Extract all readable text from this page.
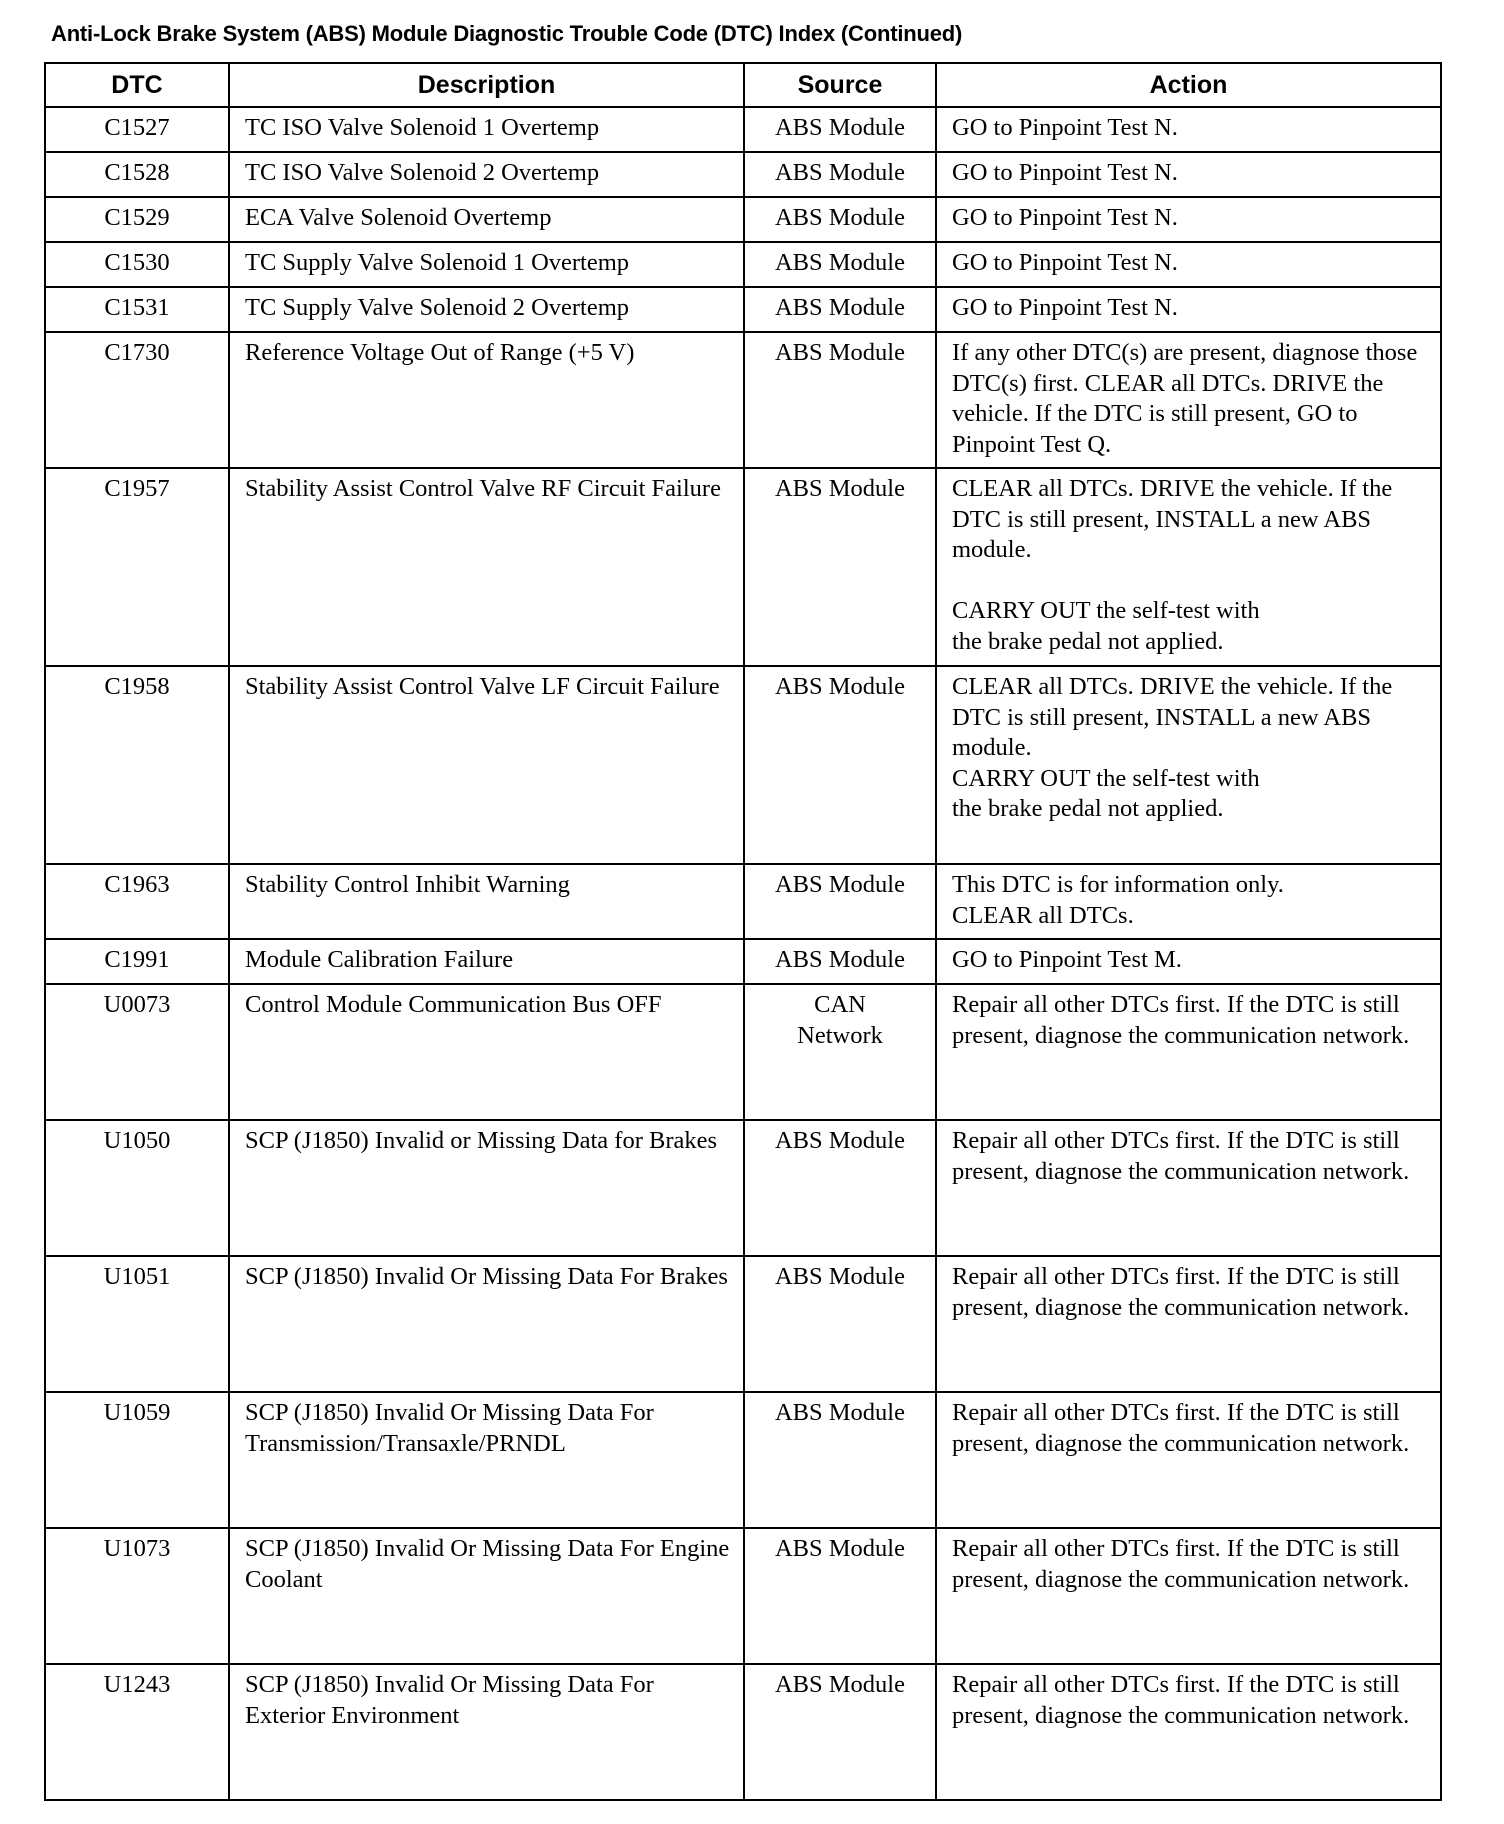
Anti-Lock Brake System (ABS) Module Diagnostic Trouble Code (DTC) Index (Continued)
DTC	Description	Source	Action

C1527	TC ISO Valve Solenoid 1 Overtemp	ABS Module	GO to Pinpoint Test N.

C1528	TC ISO Valve Solenoid 2 Overtemp	ABS Module	GO to Pinpoint Test N.

C1529	ECA Valve Solenoid Overtemp	ABS Module	GO to Pinpoint Test N.

C1530	TC Supply Valve Solenoid 1 Overtemp	ABS Module	GO to Pinpoint Test N.

C1531	TC Supply Valve Solenoid 2 Overtemp	ABS Module	GO to Pinpoint Test N.

C1730	Reference Voltage Out of Range (+5 V)	ABS Module	If any other DTC(s) are present, diagnose those DTC(s) first. CLEAR all DTCs. DRIVE the vehicle. If the DTC is still present, GO to Pinpoint Test Q.

C1957	Stability Assist Control Valve RF Circuit Failure	ABS Module	CLEAR all DTCs. DRIVE the vehicle. If the DTC is still present, INSTALL a new ABS module.

CARRY OUT the self-test with
the brake pedal not applied.

C1958	Stability Assist Control Valve LF Circuit Failure	ABS Module	CLEAR all DTCs. DRIVE the vehicle. If the DTC is still present, INSTALL a new ABS module.
CARRY OUT the self-test with
the brake pedal not applied.

C1963	Stability Control Inhibit Warning	ABS Module	This DTC is for information only.
CLEAR all DTCs.

C1991	Module Calibration Failure	ABS Module	GO to Pinpoint Test M.

U0073	Control Module Communication Bus OFF	CAN Network	Repair all other DTCs first. If the DTC is still present, diagnose the communication network.

U1050	SCP (J1850) Invalid or Missing Data for Brakes	ABS Module	Repair all other DTCs first. If the DTC is still present, diagnose the communication network.

U1051	SCP (J1850) Invalid Or Missing Data For Brakes	ABS Module	Repair all other DTCs first. If the DTC is still present, diagnose the communication network.

U1059	SCP (J1850) Invalid Or Missing Data For Transmission/Transaxle/PRNDL	ABS Module	Repair all other DTCs first. If the DTC is still present, diagnose the communication network.

U1073	SCP (J1850) Invalid Or Missing Data For Engine Coolant	ABS Module	Repair all other DTCs first. If the DTC is still present, diagnose the communication network.

U1243	SCP (J1850) Invalid Or Missing Data For Exterior Environment	ABS Module	Repair all other DTCs first. If the DTC is still present, diagnose the communication network.
